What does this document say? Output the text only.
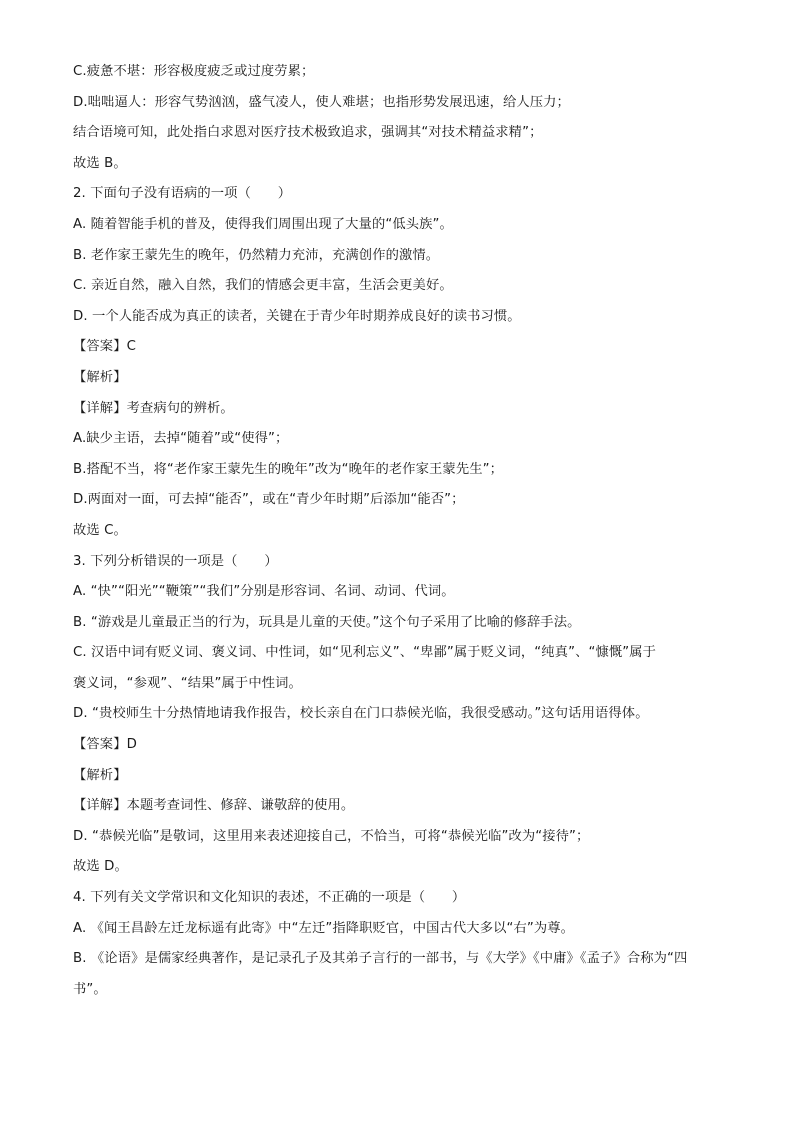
C.疲惫不堪：形容极度疲乏或过度劳累；

D.咄咄逼人：形容气势汹汹，盛气凌人，使人难堪；也指形势发展迅速，给人压力；

结合语境可知，此处指白求恩对医疗技术极致追求，强调其“对技术精益求精”；

故选 B。

2. 下面句子没有语病的一项（　　）

A. 随着智能手机的普及，使得我们周围出现了大量的“低头族”。

B. 老作家王蒙先生的晚年，仍然精力充沛，充满创作的激情。

C. 亲近自然，融入自然，我们的情感会更丰富，生活会更美好。

D. 一个人能否成为真正的读者，关键在于青少年时期养成良好的读书习惯。

【答案】C

【解析】

【详解】考查病句的辨析。

A.缺少主语，去掉“随着”或“使得”；

B.搭配不当，将“老作家王蒙先生的晚年”改为“晚年的老作家王蒙先生”；

D.两面对一面，可去掉“能否”，或在“青少年时期”后添加“能否”；

故选 C。

3. 下列分析错误的一项是（　　）

A. “快”“阳光”“鞭策”“我们”分别是形容词、名词、动词、代词。

B. “游戏是儿童最正当的行为，玩具是儿童的天使。”这个句子采用了比喻的修辞手法。

C. 汉语中词有贬义词、褒义词、中性词，如“见利忘义”、“卑鄙”属于贬义词，“纯真”、“慷慨”属于

褒义词，“参观”、“结果”属于中性词。

D. “贵校师生十分热情地请我作报告，校长亲自在门口恭候光临，我很受感动。”这句话用语得体。

【答案】D

【解析】

【详解】本题考查词性、修辞、谦敬辞的使用。

D. “恭候光临”是敬词，这里用来表述迎接自己，不恰当，可将“恭候光临”改为“接待”；

故选 D。

4. 下列有关文学常识和文化知识的表述，不正确的一项是（　　）

A. 《闻王昌龄左迁龙标遥有此寄》中“左迁”指降职贬官，中国古代大多以“右”为尊。

B. 《论语》是儒家经典著作，是记录孔子及其弟子言行的一部书，与《大学》《中庸》《孟子》合称为“四

书”。
